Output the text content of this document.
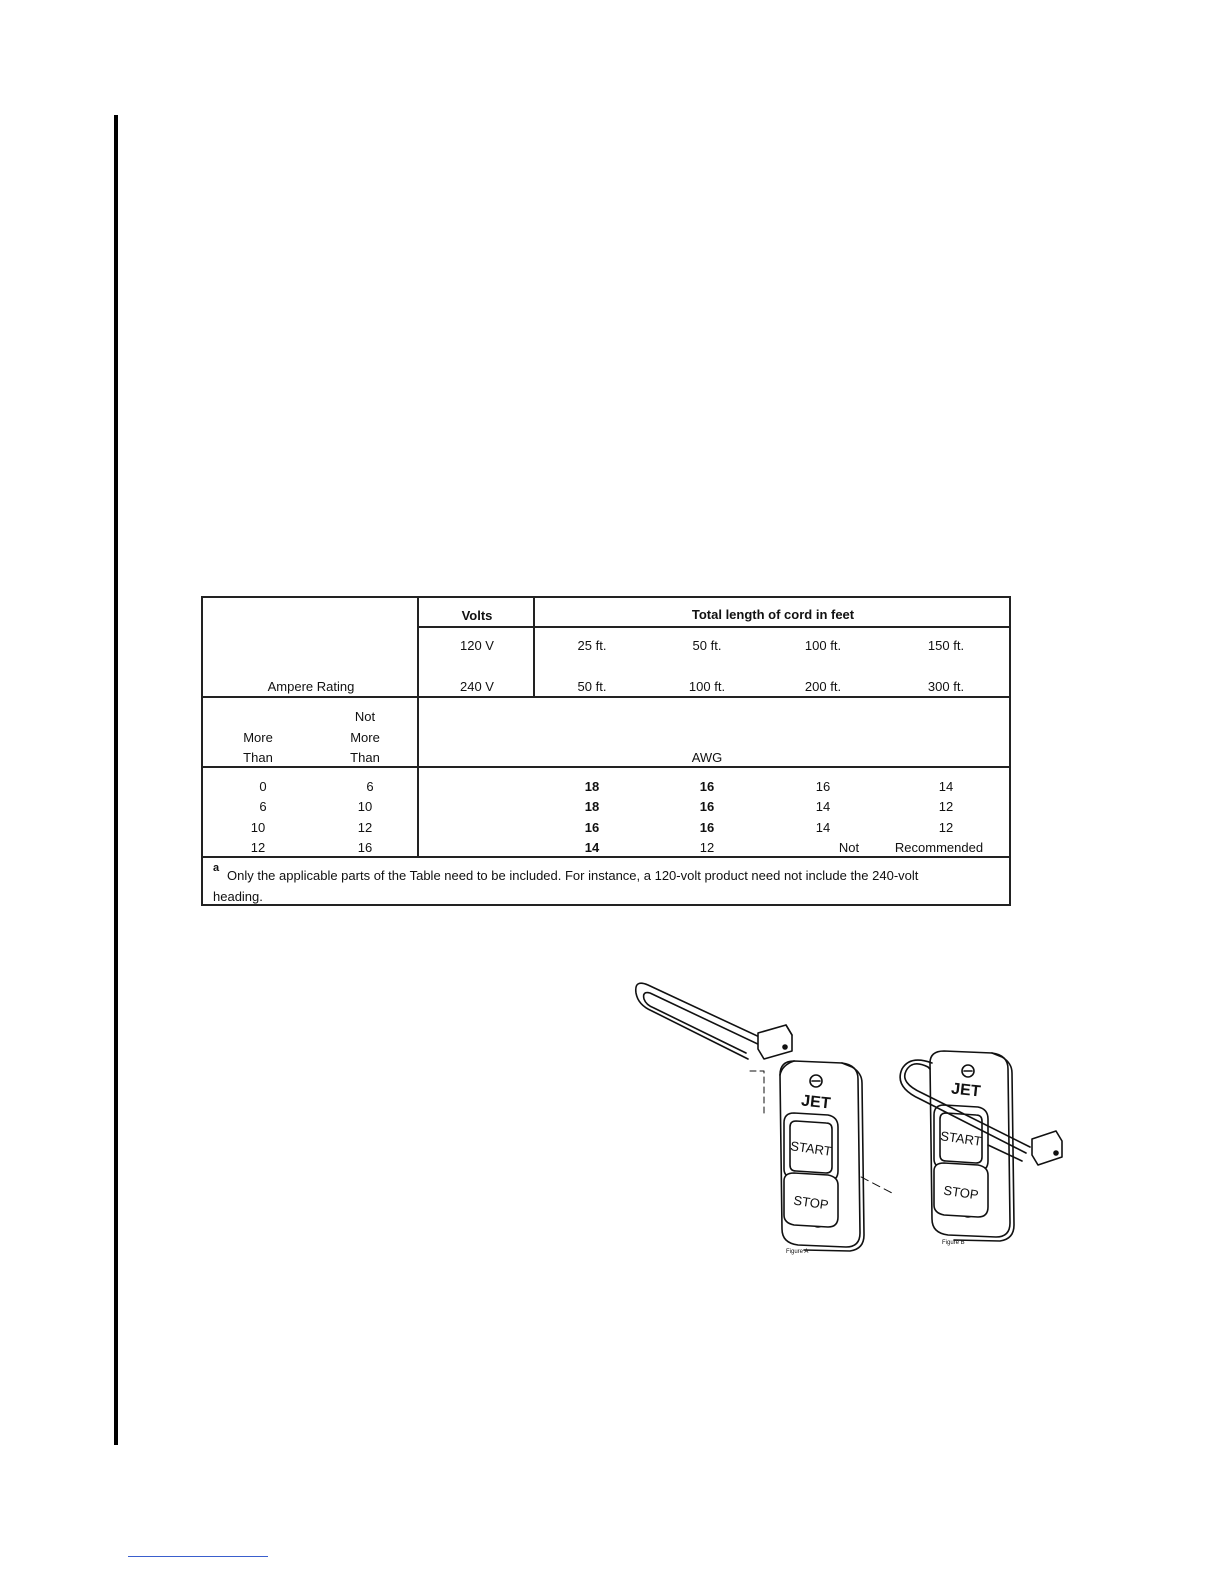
Volts	Total length of cord in feet
120 V	25 ft.	50 ft.	100 ft.	150 ft.
Ampere Rating	240 V	50 ft.	100 ft.	200 ft.	300 ft.
Not
More	More
Than	Than	AWG
0	6	18	16	16	14
6	10	18	16	14	12
10	12	16	16	14	12
12	16	14	12	Not	Recommended
a Only the applicable parts of the Table need to be included. For instance, a 120-volt product need not include the 240-volt
heading.
JET
JET
START
STOP
START
STOP
Figure A
Figure B
